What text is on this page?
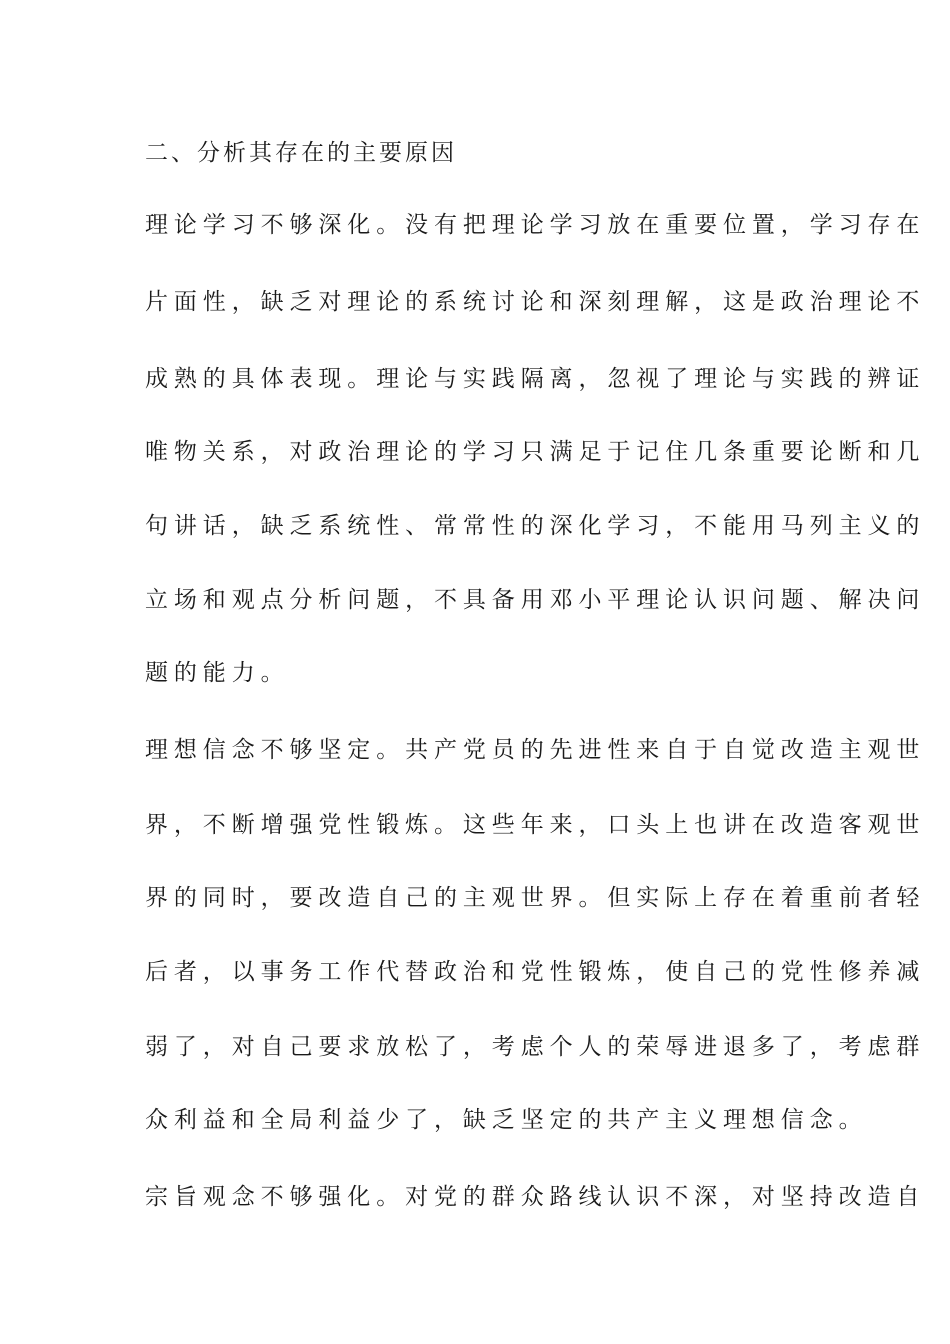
二、分析其存在的主要原因
理论学习不够深化。没有把理论学习放在重要位置，学习存在
片面性，缺乏对理论的系统讨论和深刻理解，这是政治理论不
成熟的具体表现。理论与实践隔离，忽视了理论与实践的辨证
唯物关系，对政治理论的学习只满足于记住几条重要论断和几
句讲话，缺乏系统性、常常性的深化学习，不能用马列主义的
立场和观点分析问题，不具备用邓小平理论认识问题、解决问
题的能力。
理想信念不够坚定。共产党员的先进性来自于自觉改造主观世
界，不断增强党性锻炼。这些年来，口头上也讲在改造客观世
界的同时，要改造自己的主观世界。但实际上存在着重前者轻
后者，以事务工作代替政治和党性锻炼，使自己的党性修养减
弱了，对自己要求放松了，考虑个人的荣辱进退多了，考虑群
众利益和全局利益少了，缺乏坚定的共产主义理想信念。
宗旨观念不够强化。对党的群众路线认识不深，对坚持改造自
